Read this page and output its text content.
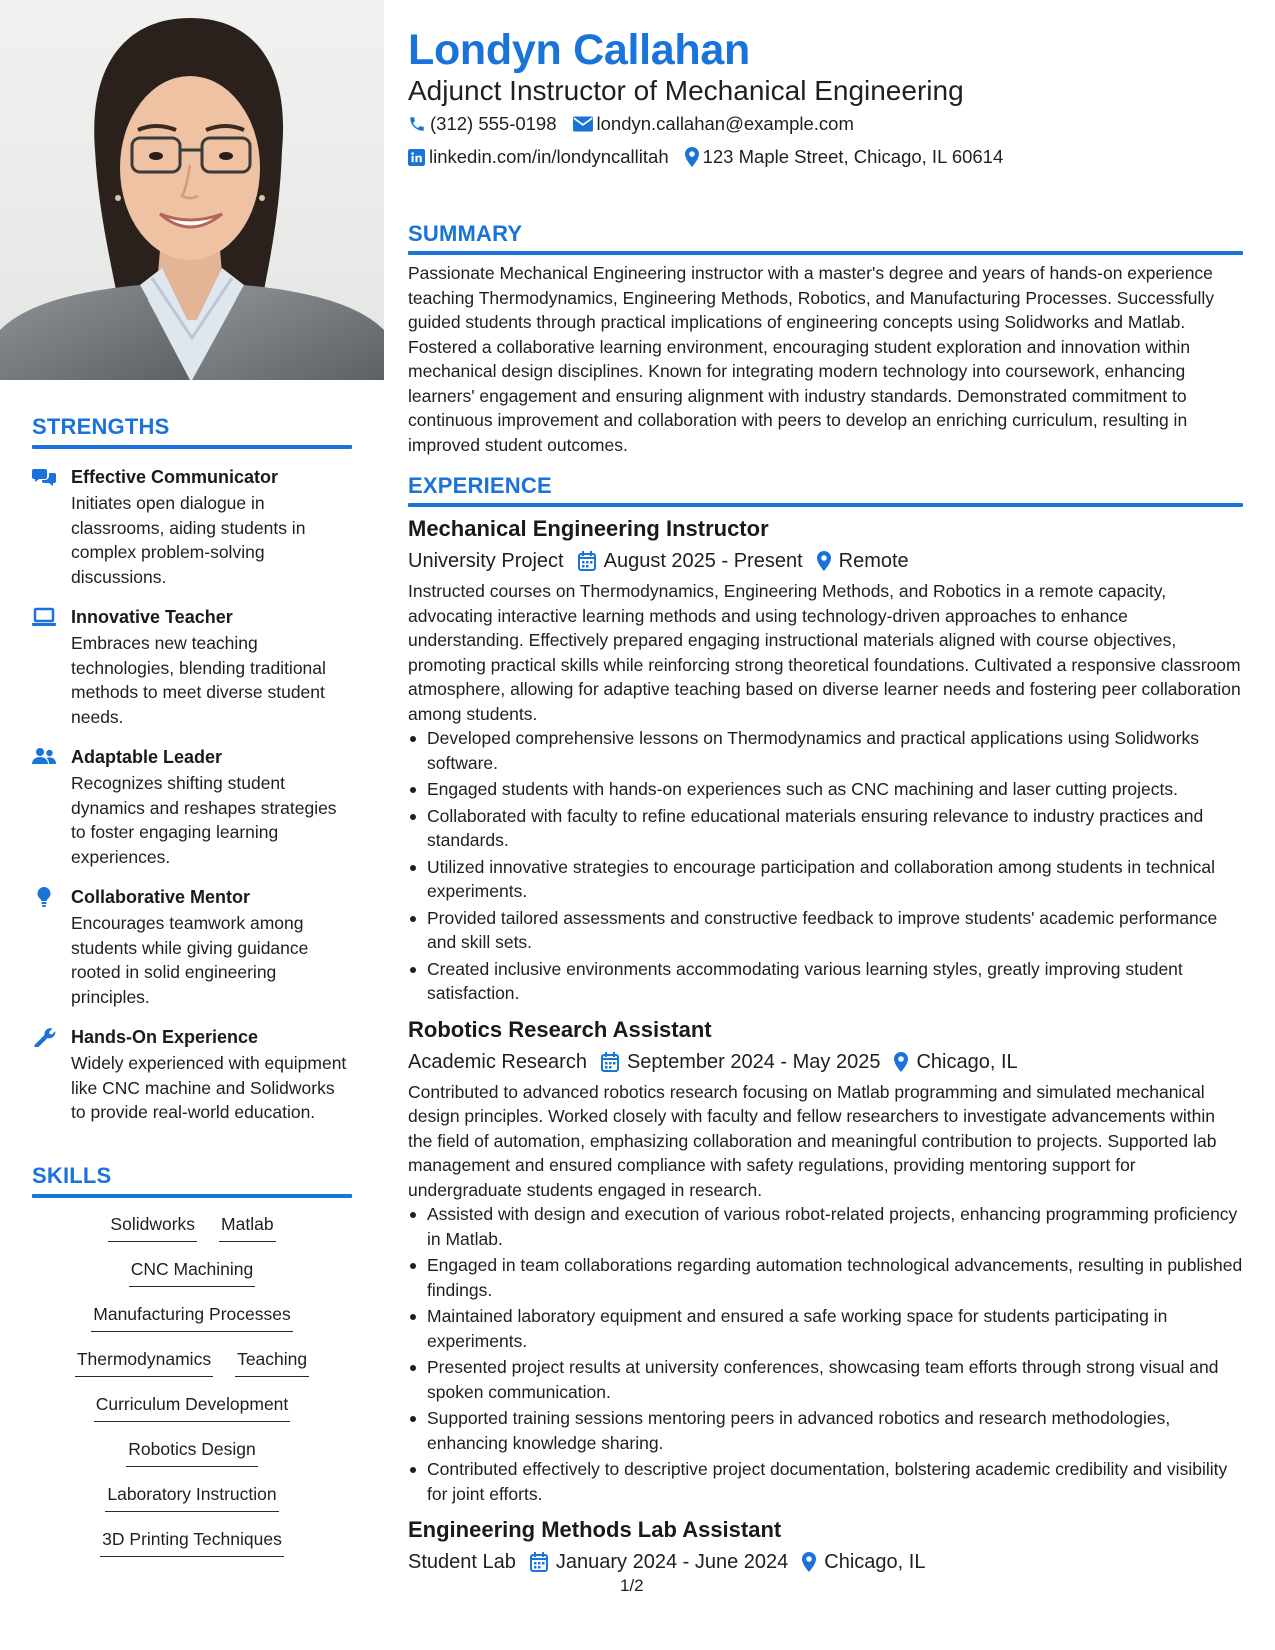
STRENGTHS
Effective Communicator
Initiates open dialogue in classrooms, aiding students in complex problem-solving discussions.
Innovative Teacher
Embraces new teaching technologies, blending traditional methods to meet diverse student needs.
Adaptable Leader
Recognizes shifting student dynamics and reshapes strategies to foster engaging learning experiences.
Collaborative Mentor
Encourages teamwork among students while giving guidance rooted in solid engineering principles.
Hands-On Experience
Widely experienced with equipment like CNC machine and Solidworks to provide real-world education.
SKILLS
Solidworks Matlab
CNC Machining
Manufacturing Processes
Thermodynamics Teaching
Curriculum Development
Robotics Design
Laboratory Instruction
3D Printing Techniques
Londyn Callahan
Adjunct Instructor of Mechanical Engineering
(312) 555-0198 londyn.callahan@example.com
linkedin.com/in/londyncallitah 123 Maple Street, Chicago, IL 60614
SUMMARY
Passionate Mechanical Engineering instructor with a master's degree and years of hands-on experience teaching Thermodynamics, Engineering Methods, Robotics, and Manufacturing Processes. Successfully guided students through practical implications of engineering concepts using Solidworks and Matlab. Fostered a collaborative learning environment, encouraging student exploration and innovation within mechanical design disciplines. Known for integrating modern technology into coursework, enhancing learners' engagement and ensuring alignment with industry standards. Demonstrated commitment to continuous improvement and collaboration with peers to develop an enriching curriculum, resulting in improved student outcomes.
EXPERIENCE
Mechanical Engineering Instructor
University Project August 2025 - Present Remote
Instructed courses on Thermodynamics, Engineering Methods, and Robotics in a remote capacity, advocating interactive learning methods and using technology-driven approaches to enhance understanding. Effectively prepared engaging instructional materials aligned with course objectives, promoting practical skills while reinforcing strong theoretical foundations. Cultivated a responsive classroom atmosphere, allowing for adaptive teaching based on diverse learner needs and fostering peer collaboration among students.
Developed comprehensive lessons on Thermodynamics and practical applications using Solidworks software.
Engaged students with hands-on experiences such as CNC machining and laser cutting projects.
Collaborated with faculty to refine educational materials ensuring relevance to industry practices and standards.
Utilized innovative strategies to encourage participation and collaboration among students in technical experiments.
Provided tailored assessments and constructive feedback to improve students' academic performance and skill sets.
Created inclusive environments accommodating various learning styles, greatly improving student satisfaction.
Robotics Research Assistant
Academic Research September 2024 - May 2025 Chicago, IL
Contributed to advanced robotics research focusing on Matlab programming and simulated mechanical design principles. Worked closely with faculty and fellow researchers to investigate advancements within the field of automation, emphasizing collaboration and meaningful contribution to projects. Supported lab management and ensured compliance with safety regulations, providing mentoring support for undergraduate students engaged in research.
Assisted with design and execution of various robot-related projects, enhancing programming proficiency in Matlab.
Engaged in team collaborations regarding automation technological advancements, resulting in published findings.
Maintained laboratory equipment and ensured a safe working space for students participating in experiments.
Presented project results at university conferences, showcasing team efforts through strong visual and spoken communication.
Supported training sessions mentoring peers in advanced robotics and research methodologies, enhancing knowledge sharing.
Contributed effectively to descriptive project documentation, bolstering academic credibility and visibility for joint efforts.
Engineering Methods Lab Assistant
Student Lab January 2024 - June 2024 Chicago, IL
1/2
